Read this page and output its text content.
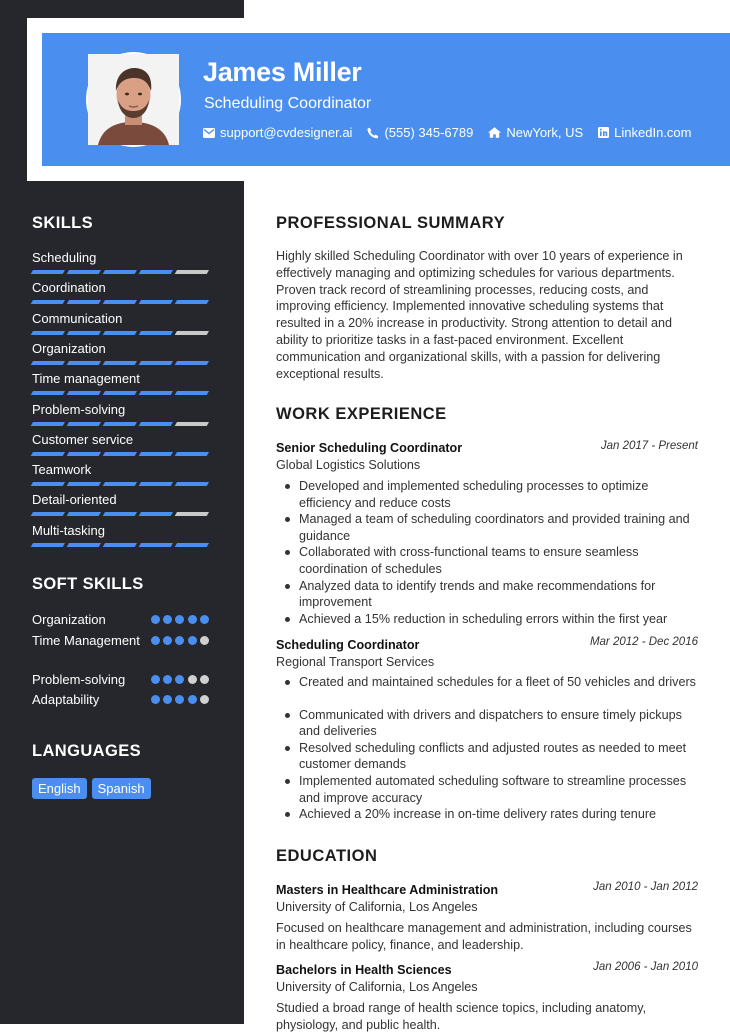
James Miller
Scheduling Coordinator
support@cvdesigner.ai (555) 345-6789	NewYork, US LinkedIn.com
SKILLS
Scheduling
Coordination
Communication
Organization
Time management
Problem-solving
Customer service
Teamwork
Detail-oriented
Multi-tasking
SOFT SKILLS
Organization
Time Management
Problem-solving
Adaptability
LANGUAGES
English	Spanish
PROFESSIONAL SUMMARY
Highly skilled Scheduling Coordinator with over 10 years of experience in effectively managing and optimizing schedules for various departments. Proven track record of streamlining processes, reducing costs, and improving efficiency. Implemented innovative scheduling systems that resulted in a 20% increase in productivity. Strong attention to detail and ability to prioritize tasks in a fast-paced environment. Excellent communication and organizational skills, with a passion for delivering exceptional results.
WORK EXPERIENCE
Senior Scheduling Coordinator	Jan 2017 - Present
Global Logistics Solutions
Developed and implemented scheduling processes to optimize efficiency and reduce costs
Managed a team of scheduling coordinators and provided training and guidance
Collaborated with cross-functional teams to ensure seamless coordination of schedules
Analyzed data to identify trends and make recommendations for improvement
Achieved a 15% reduction in scheduling errors within the first year
Scheduling Coordinator	Mar 2012 - Dec 2016
Regional Transport Services
Created and maintained schedules for a fleet of 50 vehicles and drivers
Communicated with drivers and dispatchers to ensure timely pickups and deliveries
Resolved scheduling conflicts and adjusted routes as needed to meet customer demands
Implemented automated scheduling software to streamline processes and improve accuracy
Achieved a 20% increase in on-time delivery rates during tenure
EDUCATION
Masters in Healthcare Administration	Jan 2010 - Jan 2012
University of California, Los Angeles
Focused on healthcare management and administration, including courses in healthcare policy, finance, and leadership.
Bachelors in Health Sciences	Jan 2006 - Jan 2010
University of California, Los Angeles
Studied a broad range of health science topics, including anatomy, physiology, and public health.
